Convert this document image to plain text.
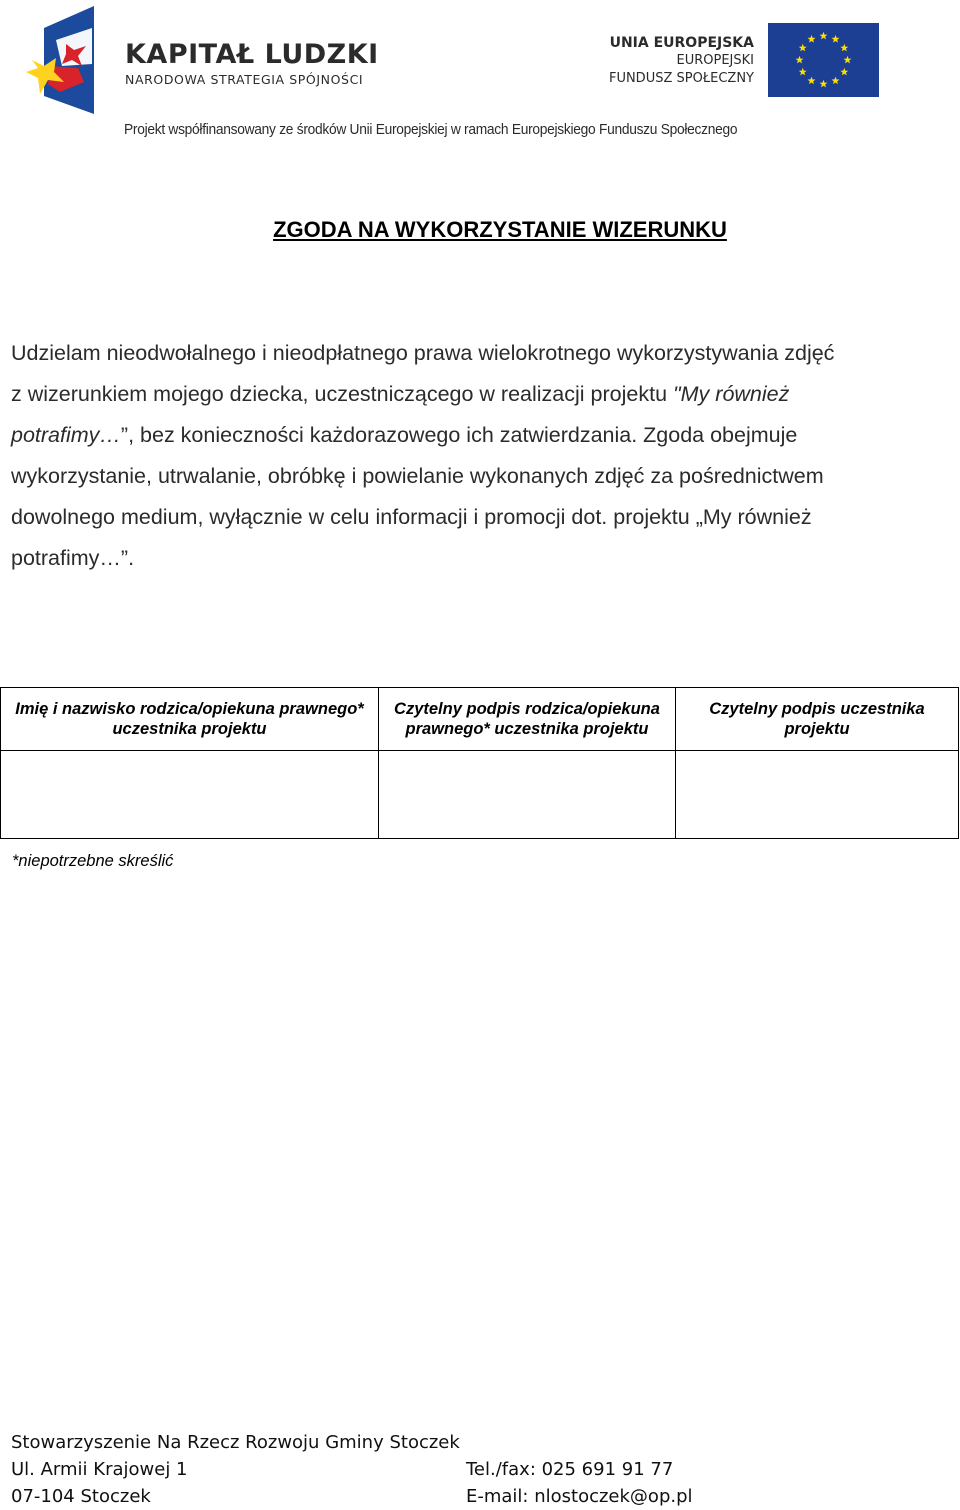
KAPITAŁ LUDZKI
NARODOWA STRATEGIA SPÓJNOŚCI
UNIA EUROPEJSKA
EUROPEJSKI
FUNDUSZ SPOŁECZNY
Projekt współfinansowany ze środków Unii Europejskiej w ramach Europejskiego Funduszu Społecznego
ZGODA NA WYKORZYSTANIE WIZERUNKU
Udzielam nieodwołalnego i nieodpłatnego prawa wielokrotnego wykorzystywania zdjęć
z wizerunkiem mojego dziecka, uczestniczącego w realizacji projektu "My również
potrafimy…”, bez konieczności każdorazowego ich zatwierdzania. Zgoda obejmuje
wykorzystanie, utrwalanie, obróbkę i powielanie wykonanych zdjęć za pośrednictwem
dowolnego medium, wyłącznie w celu informacji i promocji dot. projektu „My również
potrafimy…”.
Imię i nazwisko rodzica/opiekuna prawnego* uczestnika projektu	Czytelny podpis rodzica/opiekuna prawnego* uczestnika projektu	Czytelny podpis uczestnika projektu

*niepotrzebne skreślić
Stowarzyszenie Na Rzecz Rozwoju Gminy Stoczek
Ul. Armii Krajowej 1
07-104 Stoczek
Tel./fax: 025 691 91 77
E-mail: nlostoczek@op.pl
